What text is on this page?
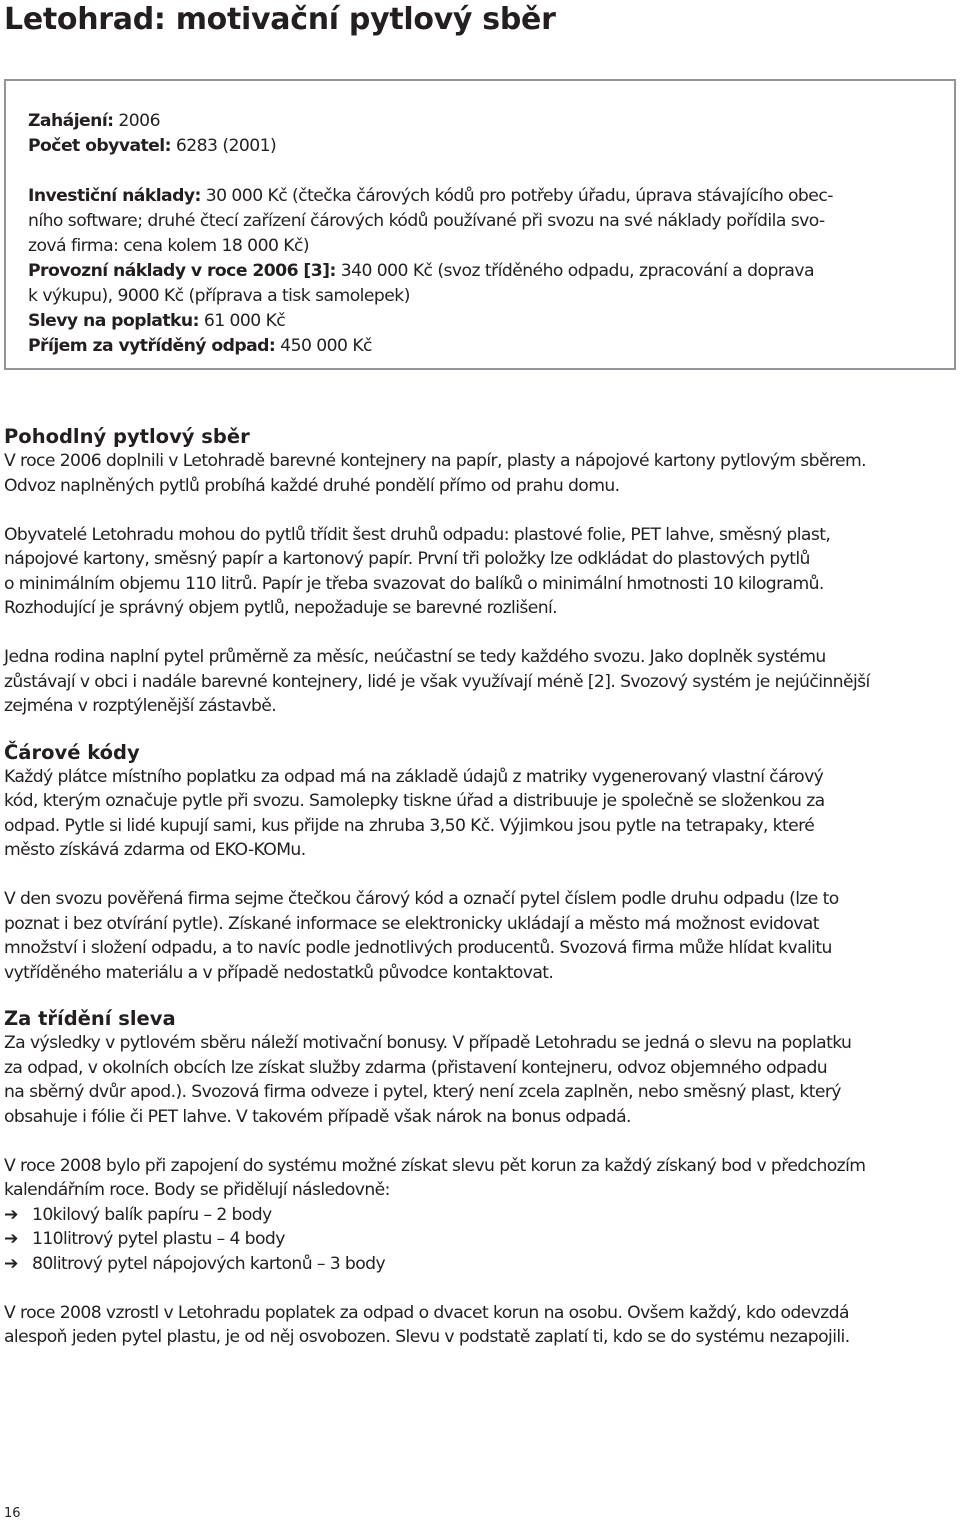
Letohrad: motivační pytlový sběr

Zahájení: 2006

Počet obyvatel: 6283 (2001)

Investiční náklady: 30 000 Kč (čtečka čárových kódů pro potřeby úřadu, úprava stávajícího obec-

ního software; druhé čtecí zařízení čárových kódů používané při svozu na své náklady pořídila svo-

zová firma: cena kolem 18 000 Kč)

Provozní náklady v roce 2006 [3]: 340 000 Kč (svoz tříděného odpadu, zpracování a doprava

k výkupu), 9000 Kč (příprava a tisk samolepek)

Slevy na poplatku: 61 000 Kč

Příjem za vytříděný odpad: 450 000 Kč

Pohodlný pytlový sběr

V roce 2006 doplnili v Letohradě barevné kontejnery na papír, plasty a nápojové kartony pytlovým sběrem.

Odvoz naplněných pytlů probíhá každé druhé pondělí přímo od prahu domu.

Obyvatelé Letohradu mohou do pytlů třídit šest druhů odpadu: plastové folie, PET lahve, směsný plast,

nápojové kartony, směsný papír a kartonový papír. První tři položky lze odkládat do plastových pytlů

o minimálním objemu 110 litrů. Papír je třeba svazovat do balíků o minimální hmotnosti 10 kilogramů.

Rozhodující je správný objem pytlů, nepožaduje se barevné rozlišení.

Jedna rodina naplní pytel průměrně za měsíc, neúčastní se tedy každého svozu. Jako doplněk systému

zůstávají v obci i nadále barevné kontejnery, lidé je však využívají méně [2]. Svozový systém je nejúčinnější

zejména v rozptýlenější zástavbě.

Čárové kódy

Každý plátce místního poplatku za odpad má na základě údajů z matriky vygenerovaný vlastní čárový

kód, kterým označuje pytle při svozu. Samolepky tiskne úřad a distribuuje je společně se složenkou za

odpad. Pytle si lidé kupují sami, kus přijde na zhruba 3,50 Kč. Výjimkou jsou pytle na tetrapaky, které

město získává zdarma od EKO-KOMu.

V den svozu pověřená firma sejme čtečkou čárový kód a označí pytel číslem podle druhu odpadu (lze to

poznat i bez otvírání pytle). Získané informace se elektronicky ukládají a město má možnost evidovat

množství i složení odpadu, a to navíc podle jednotlivých producentů. Svozová firma může hlídat kvalitu

vytříděného materiálu a v případě nedostatků původce kontaktovat.

Za třídění sleva

Za výsledky v pytlovém sběru náleží motivační bonusy. V případě Letohradu se jedná o slevu na poplatku

za odpad, v okolních obcích lze získat služby zdarma (přistavení kontejneru, odvoz objemného odpadu

na sběrný dvůr apod.). Svozová firma odveze i pytel, který není zcela zaplněn, nebo směsný plast, který

obsahuje i fólie či PET lahve. V takovém případě však nárok na bonus odpadá.

V roce 2008 bylo při zapojení do systému možné získat slevu pět korun za každý získaný bod v předchozím

kalendářním roce. Body se přidělují následovně:

➔ 10kilový balík papíru – 2 body
➔ 110litrový pytel plastu – 4 body
➔ 80litrový pytel nápojových kartonů – 3 body

V roce 2008 vzrostl v Letohradu poplatek za odpad o dvacet korun na osobu. Ovšem každý, kdo odevzdá

alespoň jeden pytel plastu, je od něj osvobozen. Slevu v podstatě zaplatí ti, kdo se do systému nezapojili.

16
